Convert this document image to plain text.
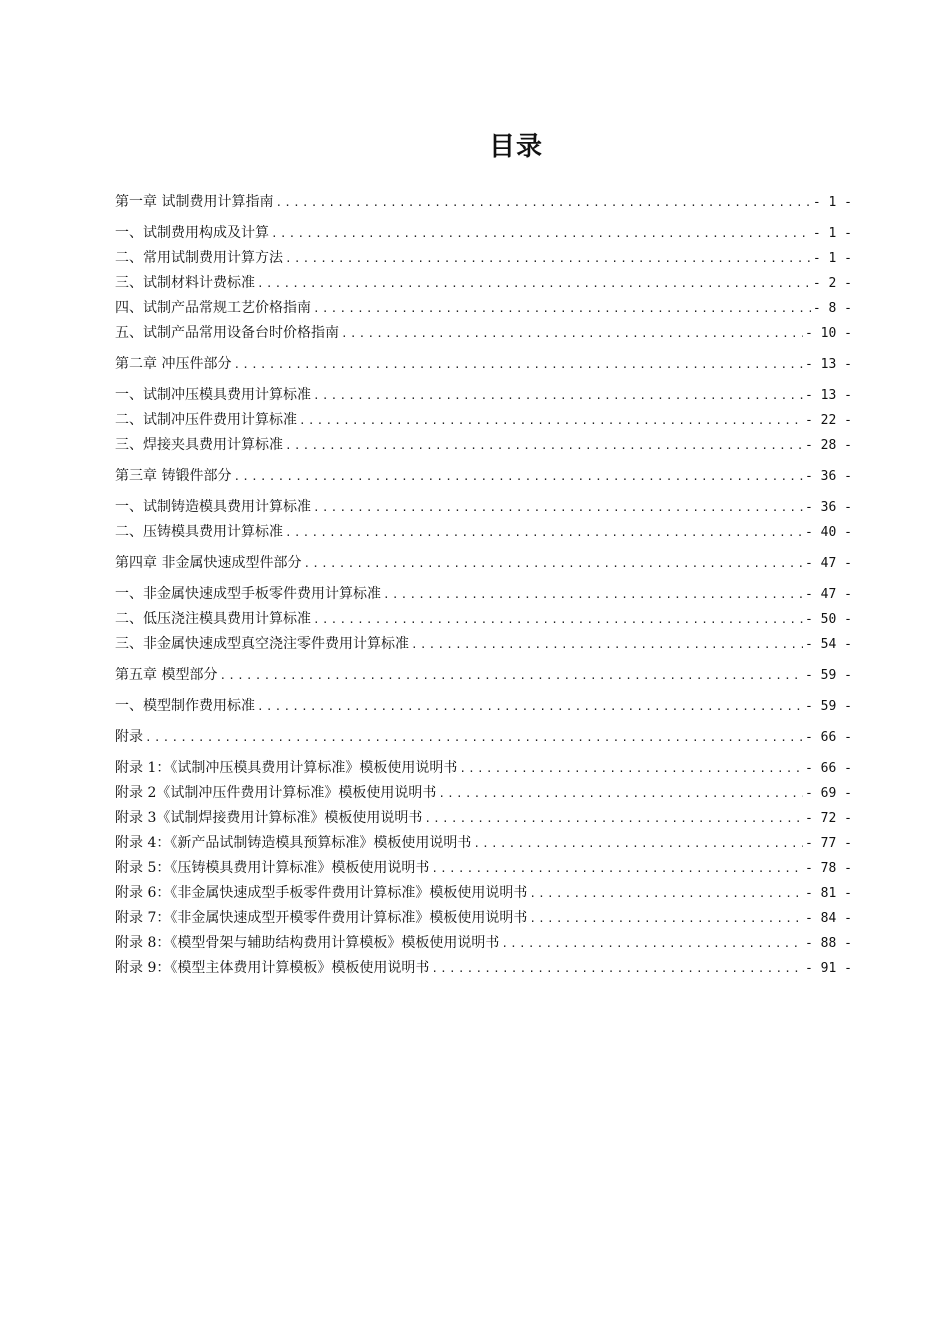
目录
第一章 试制费用计算指南 .....	- 1 -
一、试制费用构成及计算 .....	- 1 -
二、常用试制费用计算方法 .....	- 1 -
三、试制材料计费标准 .....	- 2 -
四、试制产品常规工艺价格指南 .....	- 8 -
五、试制产品常用设备台时价格指南 .....	- 10 -
第二章 冲压件部分 .....	- 13 -
一、试制冲压模具费用计算标准 .....	- 13 -
二、试制冲压件费用计算标准 .....	- 22 -
三、焊接夹具费用计算标准 .....	- 28 -
第三章 铸锻件部分 .....	- 36 -
一、试制铸造模具费用计算标准 .....	- 36 -
二、压铸模具费用计算标准 .....	- 40 -
第四章 非金属快速成型件部分 .....	- 47 -
一、非金属快速成型手板零件费用计算标准 .....	- 47 -
二、低压浇注模具费用计算标准 .....	- 50 -
三、非金属快速成型真空浇注零件费用计算标准 .....	- 54 -
第五章 模型部分 .....	- 59 -
一、模型制作费用标准 .....	- 59 -
附录 .....	- 66 -
附录 1：《试制冲压模具费用计算标准》模板使用说明书 .....	- 66 -
附录 2《试制冲压件费用计算标准》模板使用说明书 .....	- 69 -
附录 3《试制焊接费用计算标准》模板使用说明书 .....	- 72 -
附录 4：《新产品试制铸造模具预算标准》模板使用说明书 .....	- 77 -
附录 5：《压铸模具费用计算标准》模板使用说明书 .....	- 78 -
附录 6：《非金属快速成型手板零件费用计算标准》模板使用说明书 .....	- 81 -
附录 7：《非金属快速成型开模零件费用计算标准》模板使用说明书 .....	- 84 -
附录 8：《模型骨架与辅助结构费用计算模板》模板使用说明书 .....	- 88 -
附录 9：《模型主体费用计算模板》模板使用说明书 .....	- 91 -
